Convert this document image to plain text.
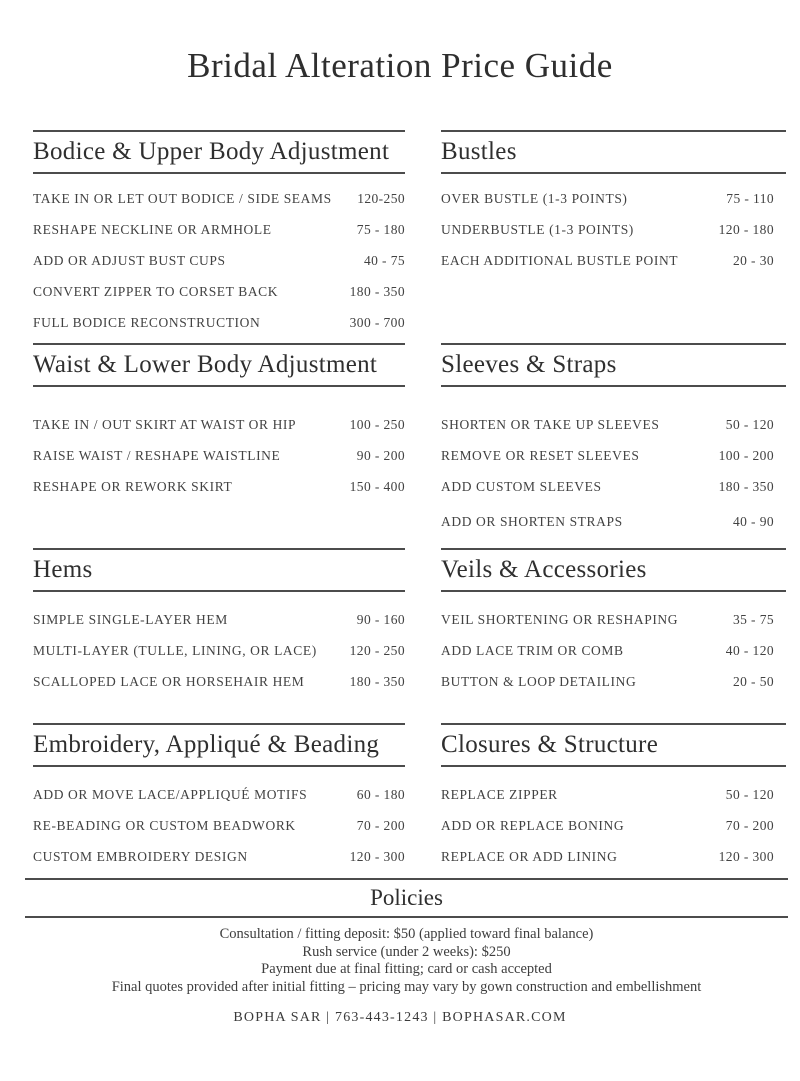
Bridal Alteration Price Guide
Bodice & Upper Body Adjustment
TAKE IN OR LET OUT BODICE / SIDE SEAMS 120-250
RESHAPE NECKLINE OR ARMHOLE	75 - 180
ADD OR ADJUST BUST CUPS	40 - 75
CONVERT ZIPPER TO CORSET BACK	180 - 350
FULL BODICE RECONSTRUCTION	300 - 700
Bustles
OVER BUSTLE (1-3 POINTS)	75 - 110
UNDERBUSTLE (1-3 POINTS)	120 - 180
EACH ADDITIONAL BUSTLE POINT	20 - 30
Waist & Lower Body Adjustment
TAKE IN / OUT SKIRT AT WAIST OR HIP	100 - 250
RAISE WAIST / RESHAPE WAISTLINE	90 - 200
RESHAPE OR REWORK SKIRT	150 - 400
Sleeves & Straps
SHORTEN OR TAKE UP SLEEVES	50 - 120
REMOVE OR RESET SLEEVES	100 - 200
ADD CUSTOM SLEEVES	180 - 350
ADD OR SHORTEN STRAPS	40 - 90
Hems
SIMPLE SINGLE-LAYER HEM	90 - 160
MULTI-LAYER (TULLE, LINING, OR LACE) 120 - 250
SCALLOPED LACE OR HORSEHAIR HEM	180 - 350
Veils & Accessories
VEIL SHORTENING OR RESHAPING	35 - 75
ADD LACE TRIM OR COMB	40 - 120
BUTTON & LOOP DETAILING	20 - 50
Embroidery, Appliqué & Beading
ADD OR MOVE LACE/APPLIQUÉ MOTIFS	60 - 180
RE-BEADING OR CUSTOM BEADWORK	70 - 200
CUSTOM EMBROIDERY DESIGN	120 - 300
Closures & Structure
REPLACE ZIPPER	50 - 120
ADD OR REPLACE BONING	70 - 200
REPLACE OR ADD LINING	120 - 300
Policies

Consultation / fitting deposit: $50 (applied toward final balance)

Rush service (under 2 weeks): $250

Payment due at final fitting; card or cash accepted

Final quotes provided after initial fitting – pricing may vary by gown construction and embellishment

BOPHA SAR | 763-443-1243 | BOPHASAR.COM
